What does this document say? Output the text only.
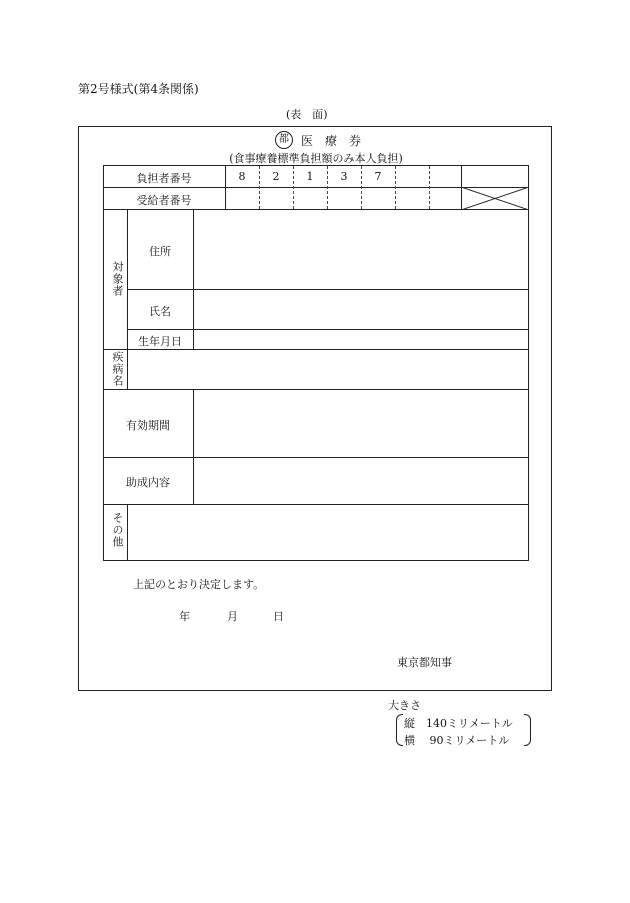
第2号様式(第4条関係)
(表　面)
都	医　療　券
(食事療養標準負担額のみ本人負担)
負担者番号	8	2	1	3	7
受給者番号
対象者
住所
氏名
生年月日
疾病名
有効期間
助成内容
その他
上記のとおり決定します。
年	月	日
東京都知事
大きさ
縦　140ミリメートル
横　 90ミリメートル
